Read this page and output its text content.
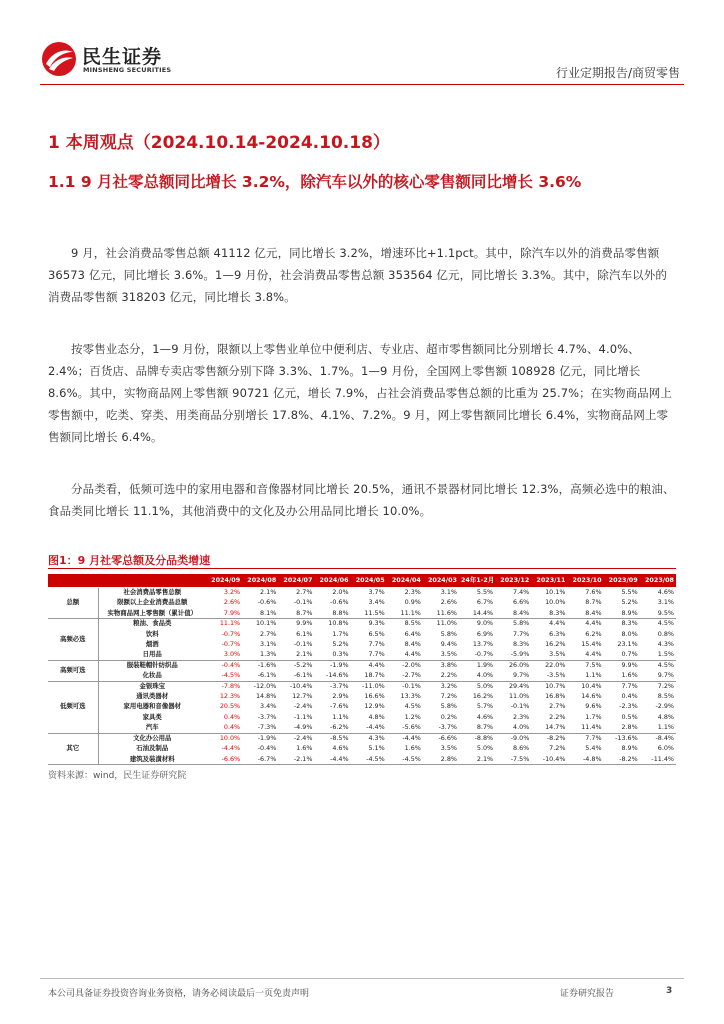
民生证券
MINSHENG SECURITIES	行业定期报告/商贸零售
1 本周观点（2024.10.14-2024.10.18）
1.1 9 月社零总额同比增长 3.2%，除汽车以外的核心零售额同比增长 3.6%
9 月，社会消费品零售总额 41112 亿元，同比增长 3.2%，增速环比+1.1pct。其中，除汽车以外的消费品零售额 36573 亿元，同比增长 3.6%。1—9 月份，社会消费品零售总额 353564 亿元，同比增长 3.3%。其中，除汽车以外的消费品零售额 318203 亿元，同比增长 3.8%。
按零售业态分，1—9 月份，限额以上零售业单位中便利店、专业店、超市零售额同比分别增长 4.7%、4.0%、2.4%；百货店、品牌专卖店零售额分别下降 3.3%、1.7%。1—9 月份，全国网上零售额 108928 亿元，同比增长 8.6%。其中，实物商品网上零售额 90721 亿元，增长 7.9%，占社会消费品零售总额的比重为 25.7%；在实物商品网上零售额中，吃类、穿类、用类商品分别增长 17.8%、4.1%、7.2%。9 月，网上零售额同比增长 6.4%，实物商品网上零售额同比增长 6.4%。
分品类看，低频可选中的家用电器和音像器材同比增长 20.5%，通讯不景器材同比增长 12.3%，高频必选中的粮油、食品类同比增长 11.1%，其他消费中的文化及办公用品同比增长 10.0%。
图1：9 月社零总额及分品类增速
		2024/09	2024/08	2024/07	2024/06	2024/05	2024/04	2024/03	24年1-2月	2023/12	2023/11	2023/10	2023/09	2023/08
总额	社会消费品零售总额	3.2%	2.1%	2.7%	2.0%	3.7%	2.3%	3.1%	5.5%	7.4%	10.1%	7.6%	5.5%	4.6%
	限额以上企业消费品总额	2.6%	-0.6%	-0.1%	-0.6%	3.4%	0.9%	2.6%	6.7%	6.6%	10.0%	8.7%	5.2%	3.1%
	实物商品网上零售额（累计值）	7.9%	8.1%	8.7%	8.8%	11.5%	11.1%	11.6%	14.4%	8.4%	8.3%	8.4%	8.9%	9.5%
高频必选	粮油、食品类	11.1%	10.1%	9.9%	10.8%	9.3%	8.5%	11.0%	9.0%	5.8%	4.4%	4.4%	8.3%	4.5%
	饮料	-0.7%	2.7%	6.1%	1.7%	6.5%	6.4%	5.8%	6.9%	7.7%	6.3%	6.2%	8.0%	0.8%
	烟酒	-0.7%	3.1%	-0.1%	5.2%	7.7%	8.4%	9.4%	13.7%	8.3%	16.2%	15.4%	23.1%	4.3%
	日用品	3.0%	1.3%	2.1%	0.3%	7.7%	4.4%	3.5%	-0.7%	-5.9%	3.5%	4.4%	0.7%	1.5%
高频可选	服装鞋帽针纺织品	-0.4%	-1.6%	-5.2%	-1.9%	4.4%	-2.0%	3.8%	1.9%	26.0%	22.0%	7.5%	9.9%	4.5%
	化妆品	-4.5%	-6.1%	-6.1%	-14.6%	18.7%	-2.7%	2.2%	4.0%	9.7%	-3.5%	1.1%	1.6%	9.7%
低频可选	金银珠宝	-7.8%	-12.0%	-10.4%	-3.7%	-11.0%	-0.1%	3.2%	5.0%	29.4%	10.7%	10.4%	7.7%	7.2%
	通讯类器材	12.3%	14.8%	12.7%	2.9%	16.6%	13.3%	7.2%	16.2%	11.0%	16.8%	14.6%	0.4%	8.5%
	家用电器和音像器材	20.5%	3.4%	-2.4%	-7.6%	12.9%	4.5%	5.8%	5.7%	-0.1%	2.7%	9.6%	-2.3%	-2.9%
	家具类	0.4%	-3.7%	-1.1%	1.1%	4.8%	1.2%	0.2%	4.6%	2.3%	2.2%	1.7%	0.5%	4.8%
	汽车	0.4%	-7.3%	-4.9%	-6.2%	-4.4%	-5.6%	-3.7%	8.7%	4.0%	14.7%	11.4%	2.8%	1.1%
其它	文化办公用品	10.0%	-1.9%	-2.4%	-8.5%	4.3%	-4.4%	-6.6%	-8.8%	-9.0%	-8.2%	7.7%	-13.6%	-8.4%
	石油及制品	-4.4%	-0.4%	1.6%	4.6%	5.1%	1.6%	3.5%	5.0%	8.6%	7.2%	5.4%	8.9%	6.0%
	建筑及装潢材料	-6.6%	-6.7%	-2.1%	-4.4%	-4.5%	-4.5%	2.8%	2.1%	-7.5%	-10.4%	-4.8%	-8.2%	-11.4%
资料来源：wind，民生证券研究院
本公司具备证券投资咨询业务资格，请务必阅读最后一页免责声明	证券研究报告	3
